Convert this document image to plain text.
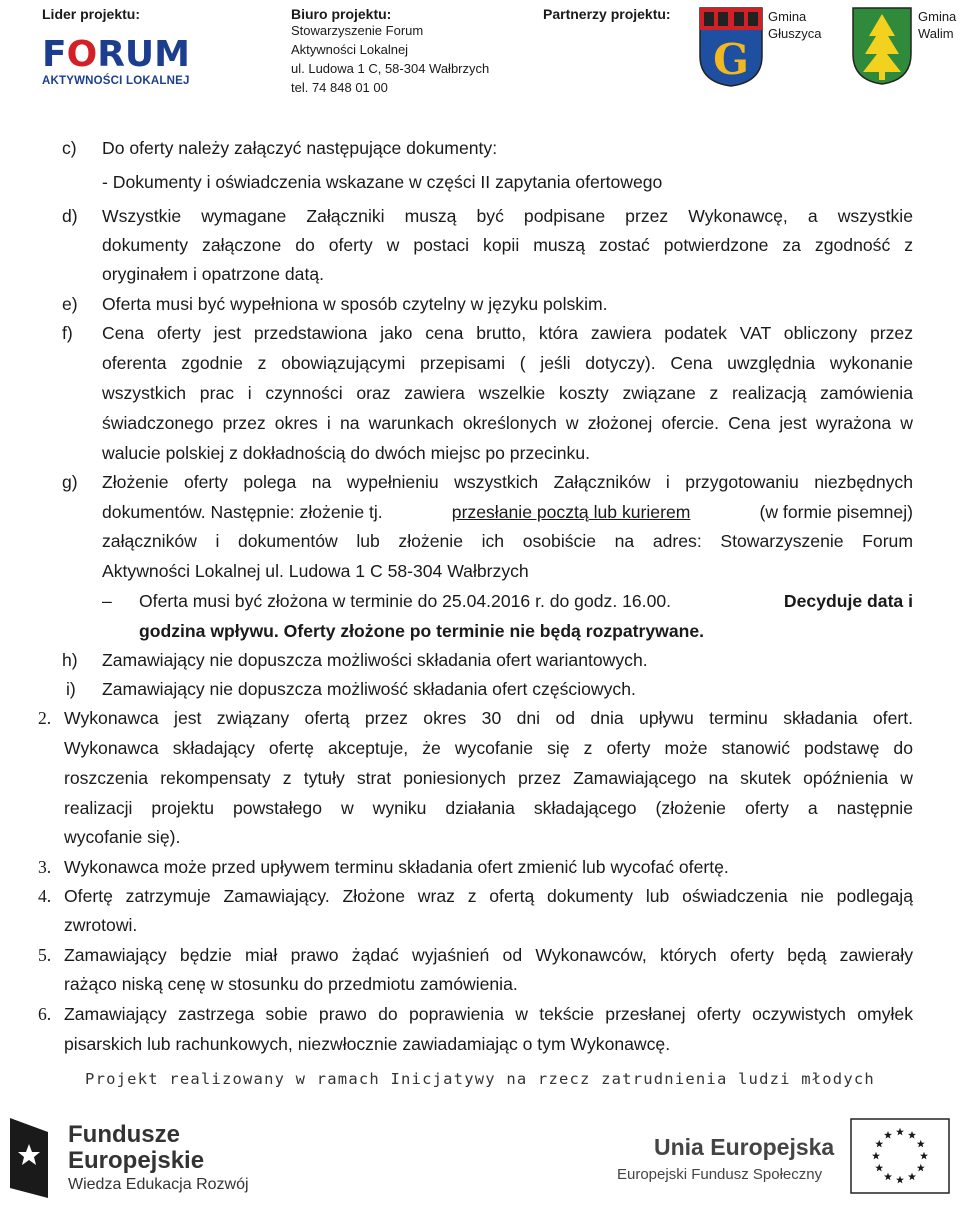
Lider projektu:
FORUM
AKTYWNOŚCI LOKALNEJ
Biuro projektu:
Stowarzyszenie Forum
Aktywności Lokalnej
ul. Ludowa 1 C, 58-304 Wałbrzych
tel. 74 848 01 00
Partnerzy projektu:
G
Gmina
Głuszyca
Gmina
Walim
c) Do oferty należy załączyć następujące dokumenty:
- Dokumenty i oświadczenia wskazane w części II zapytania ofertowego
d) Wszystkie wymagane Załączniki muszą być podpisane przez Wykonawcę, a wszystkie
dokumenty załączone do oferty w postaci kopii muszą zostać potwierdzone za zgodność z
oryginałem i opatrzone datą.
e) Oferta musi być wypełniona w sposób czytelny w języku polskim.
f) Cena oferty jest przedstawiona jako cena brutto, która zawiera podatek VAT obliczony przez
oferenta zgodnie z obowiązującymi przepisami ( jeśli dotyczy). Cena uwzględnia wykonanie
wszystkich prac i czynności oraz zawiera wszelkie koszty związane z realizacją zamówienia
świadczonego przez okres i na warunkach określonych w złożonej ofercie. Cena jest wyrażona w
walucie polskiej z dokładnością do dwóch miejsc po przecinku.
g) Złożenie oferty polega na wypełnieniu wszystkich Załączników i przygotowaniu niezbędnych
dokumentów. Następnie: złożenie tj.	przesłanie pocztą lub kurierem	(w formie pisemnej)
załączników i dokumentów lub złożenie ich osobiście na adres: Stowarzyszenie Forum
Aktywności Lokalnej ul. Ludowa 1 C 58-304 Wałbrzych
– Oferta musi być złożona w terminie do 25.04.2016 r. do godz. 16.00.	Decyduje data i
godzina wpływu. Oferty złożone po terminie nie będą rozpatrywane.
h) Zamawiający nie dopuszcza możliwości składania ofert wariantowych.
i) Zamawiający nie dopuszcza możliwość składania ofert częściowych.
2. Wykonawca jest związany ofertą przez okres 30 dni od dnia upływu terminu składania ofert.
Wykonawca składający ofertę akceptuje, że wycofanie się z oferty może stanowić podstawę do
roszczenia rekompensaty z tytuły strat poniesionych przez Zamawiającego na skutek opóźnienia w
realizacji projektu powstałego w wyniku działania składającego (złożenie oferty a następnie
wycofanie się).
3. Wykonawca może przed upływem terminu składania ofert zmienić lub wycofać ofertę.
4. Ofertę zatrzymuje Zamawiający. Złożone wraz z ofertą dokumenty lub oświadczenia nie podlegają
zwrotowi.
5. Zamawiający będzie miał prawo żądać wyjaśnień od Wykonawców, których oferty będą zawierały
rażąco niską cenę w stosunku do przedmiotu zamówienia.
6. Zamawiający zastrzega sobie prawo do poprawienia w tekście przesłanej oferty oczywistych omyłek
pisarskich lub rachunkowych, niezwłocznie zawiadamiając o tym Wykonawcę.
Projekt realizowany w ramach Inicjatywy na rzecz zatrudnienia ludzi młodych
Fundusze
Europejskie
Wiedza Edukacja Rozwój
Unia Europejska
Europejski Fundusz Społeczny
